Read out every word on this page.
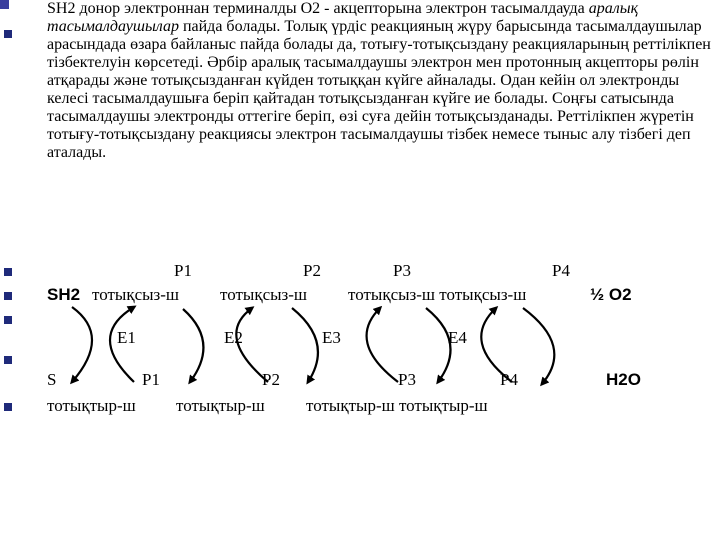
SH2 донор электроннан терминалды О2 - акцепторына электрон тасымалдауда аралық тасымалдаушылар пайда болады. Толық үрдіс реакцияның жүру барысында тасымалдаушылар арасындада өзара байланыс пайда болады да, тотығу-тотықсыздану реакцияларының реттілікпен тізбектелуін көрсетеді. Әрбір аралық тасымалдаушы электрон мен протонның акцепторы рөлін атқарады және тотықсызданған күйден тотыққан күйге айналады. Одан кейін ол электронды келесі тасымалдаушыға беріп қайтадан тотықсызданған күйге ие болады. Соңғы сатысында тасымалдаушы электронды оттегіге беріп, өзі суға дейін тотықсызданады. Реттілікпен жүретін тотығу-тотықсыздану реакциясы электрон тасымалдаушы тізбек немесе тыныс алу тізбегі деп аталады.
Р1	Р2	Р3	Р4
SH2 тотықсыз-ш тотықсыз-ш тотықсыз-ш тотықсыз-ш	½ О2
Е1	Е2	Е3	Е4
S	Р1	Р2	Р3	Р4	Н2О
тотықтыр-ш тотықтыр-ш тотықтыр-ш тотықтыр-ш
